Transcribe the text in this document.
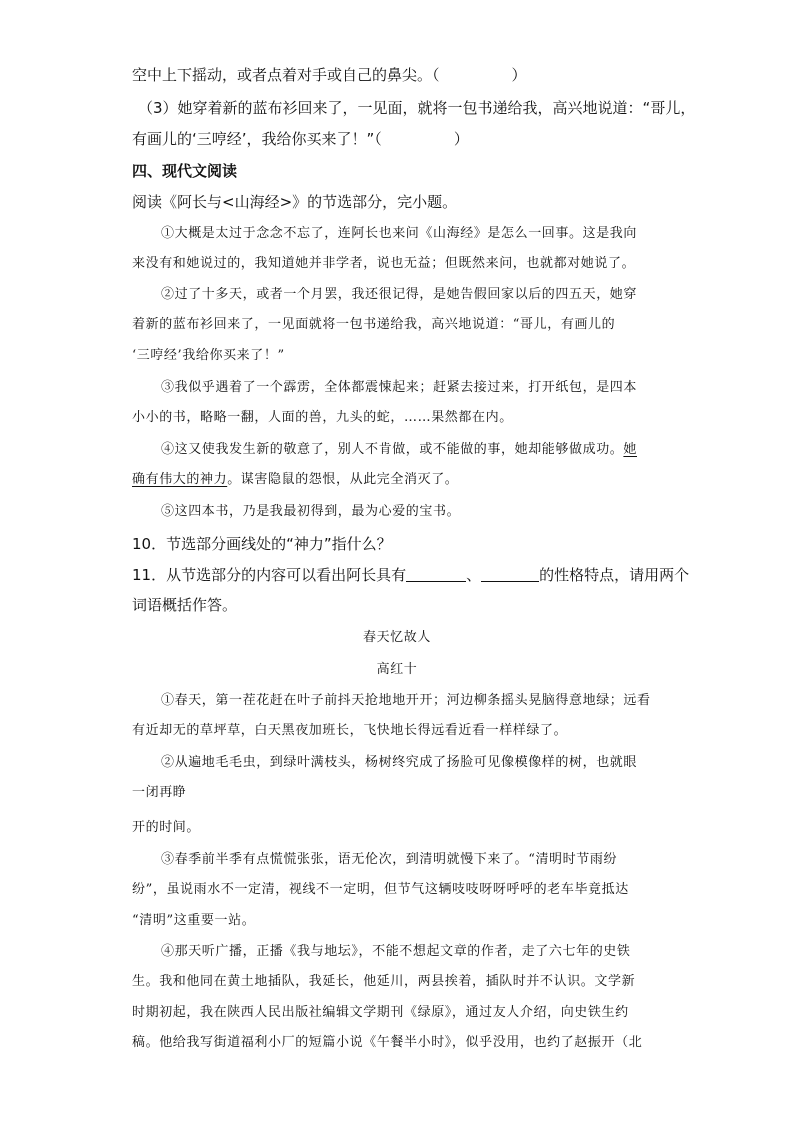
空中上下摇动，或者点着对手或自己的鼻尖。（	）
（3）她穿着新的蓝布衫回来了，一见面，就将一包书递给我，高兴地说道：“哥儿，
有画儿的‘三哼经’，我给你买来了！”（	）
四、现代文阅读
阅读《阿长与<山海经>》的节选部分，完小题。
①大概是太过于念念不忘了，连阿长也来问《山海经》是怎么一回事。这是我向
来没有和她说过的，我知道她并非学者，说也无益；但既然来问，也就都对她说了。
②过了十多天，或者一个月罢，我还很记得，是她告假回家以后的四五天，她穿
着新的蓝布衫回来了，一见面就将一包书递给我，高兴地说道：“哥儿，有画儿的
‘三哼经’我给你买来了！”
③我似乎遇着了一个霹雳，全体都震悚起来；赶紧去接过来，打开纸包，是四本
小小的书，略略一翻，人面的兽，九头的蛇，……果然都在内。
④这又使我发生新的敬意了，别人不肯做，或不能做的事，她却能够做成功。她
确有伟大的神力。谋害隐鼠的怨恨，从此完全消灭了。
⑤这四本书，乃是我最初得到，最为心爱的宝书。
10．节选部分画线处的“神力”指什么？
11．从节选部分的内容可以看出阿长具有	、	的性格特点，请用两个
词语概括作答。
春天忆故人
高红十
①春天，第一茬花赶在叶子前抖天抢地地开开；河边柳条摇头晃脑得意地绿；远看
有近却无的草坪草，白天黑夜加班长，飞快地长得远看近看一样样绿了。
②从遍地毛毛虫，到绿叶满枝头，杨树终究成了扬脸可见像模像样的树，也就眼
一闭再睁
开的时间。
③春季前半季有点慌慌张张，语无伦次，到清明就慢下来了。“清明时节雨纷
纷”，虽说雨水不一定清，视线不一定明，但节气这辆吱吱呀呀呼呼的老车毕竟抵达
“清明”这重要一站。
④那天听广播，正播《我与地坛》，不能不想起文章的作者，走了六七年的史铁
生。我和他同在黄土地插队，我延长，他延川，两县挨着，插队时并不认识。文学新
时期初起，我在陕西人民出版社编辑文学期刊《绿原》，通过友人介绍，向史铁生约
稿。他给我写街道福利小厂的短篇小说《午餐半小时》，似乎没用，也约了赵振开（北
